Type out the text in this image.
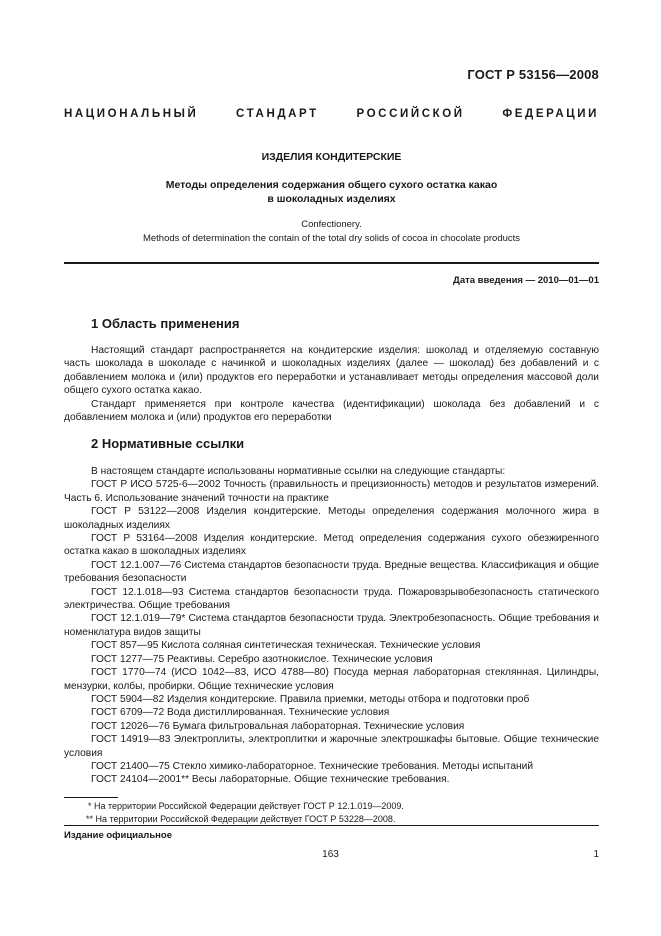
ГОСТ Р 53156—2008
НАЦИОНАЛЬНЫЙ СТАНДАРТ РОССИЙСКОЙ ФЕДЕРАЦИИ
ИЗДЕЛИЯ КОНДИТЕРСКИЕ
Методы определения содержания общего сухого остатка какао
в шоколадных изделиях
Confectionery.
Methods of determination the contain of the total dry solids of cocoa in chocolate products
Дата введения — 2010—01—01
1 Область применения

Настоящий стандарт распространяется на кондитерские изделия: шоколад и отделяемую составную часть шоколада в шоколаде с начинкой и шоколадных изделиях (далее — шоколад) без добавлений и с добавлением молока и (или) продуктов его переработки и устанавливает методы определения массовой доли общего сухого остатка какао.

Стандарт применяется при контроле качества (идентификации) шоколада без добавлений и с добавлением молока и (или) продуктов его переработки

2 Нормативные ссылки

В настоящем стандарте использованы нормативные ссылки на следующие стандарты:

ГОСТ Р ИСО 5725-6—2002 Точность (правильность и прецизионность) методов и результатов измерений. Часть 6. Использование значений точности на практике

ГОСТ Р 53122—2008 Изделия кондитерские. Методы определения содержания молочного жира в шоколадных изделиях

ГОСТ Р 53164—2008 Изделия кондитерские. Метод определения содержания сухого обезжиренного остатка какао в шоколадных изделиях

ГОСТ 12.1.007—76 Система стандартов безопасности труда. Вредные вещества. Классификация и общие требования безопасности

ГОСТ 12.1.018—93 Система стандартов безопасности труда. Пожаровзрывобезопасность статического электричества. Общие требования

ГОСТ 12.1.019—79* Система стандартов безопасности труда. Электробезопасность. Общие требования и номенклатура видов защиты

ГОСТ 857—95 Кислота соляная синтетическая техническая. Технические условия

ГОСТ 1277—75 Реактивы. Серебро азотнокислое. Технические условия

ГОСТ 1770—74 (ИСО 1042—83, ИСО 4788—80) Посуда мерная лабораторная стеклянная. Цилиндры, мензурки, колбы, пробирки. Общие технические условия

ГОСТ 5904—82 Изделия кондитерские. Правила приемки, методы отбора и подготовки проб

ГОСТ 6709—72 Вода дистиллированная. Технические условия

ГОСТ 12026—76 Бумага фильтровальная лабораторная. Технические условия

ГОСТ 14919—83 Электроплиты, электроплитки и жарочные электрошкафы бытовые. Общие технические условия

ГОСТ 21400—75 Стекло химико-лабораторное. Технические требования. Методы испытаний

ГОСТ 24104—2001** Весы лабораторные. Общие технические требования.

* На территории Российской Федерации действует ГОСТ Р 12.1.019—2009.

** На территории Российской Федерации действует ГОСТ Р 53228—2008.

Издание официальное
163	1
